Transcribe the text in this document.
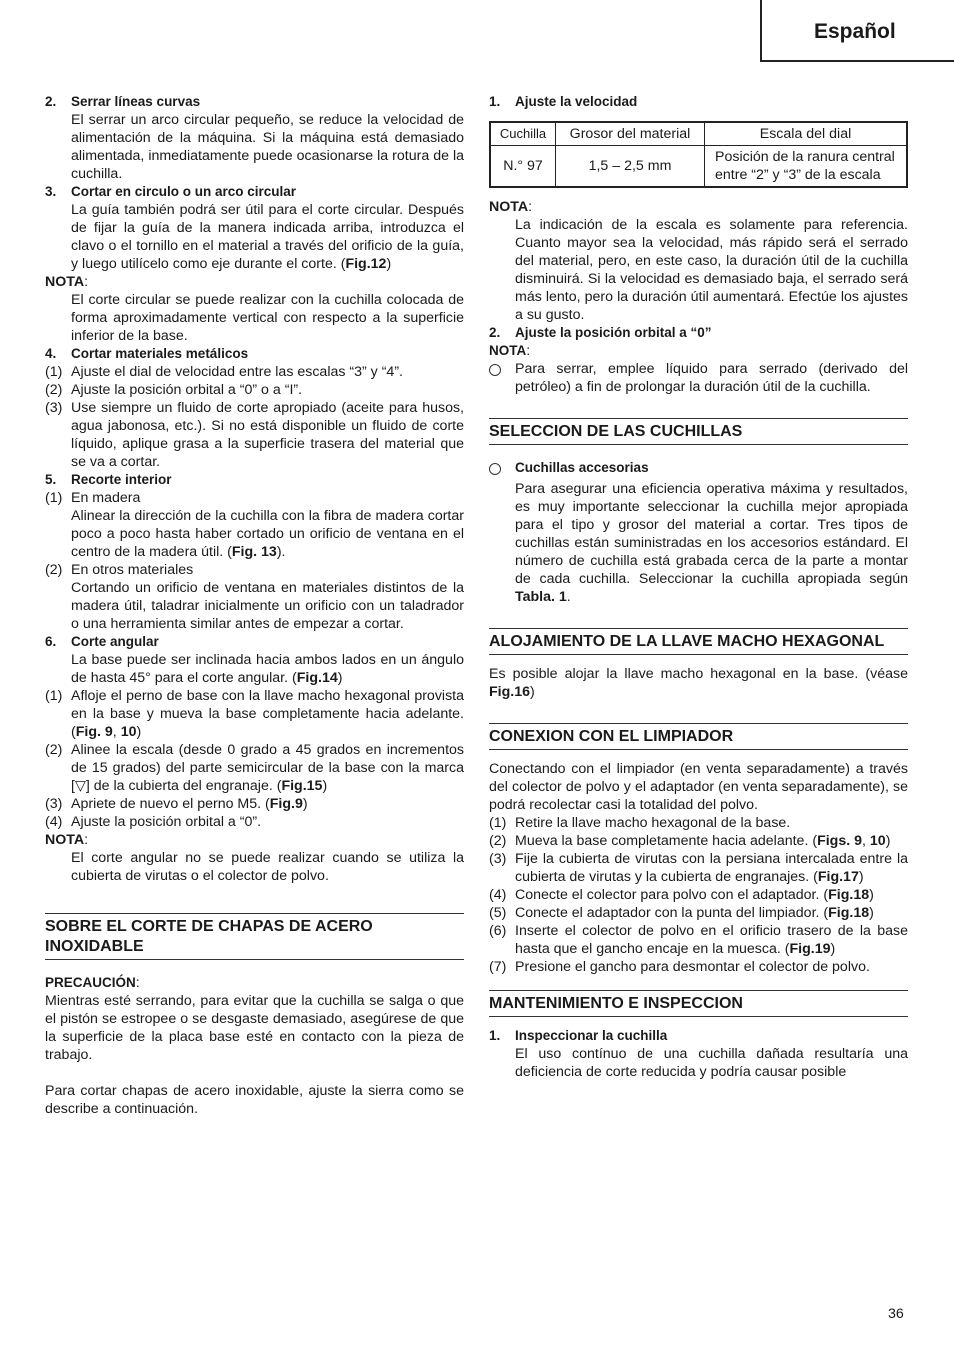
Español
2.	Serrar líneas curvas

El serrar un arco circular pequeño, se reduce la velocidad de alimentación de la máquina. Si la máquina está demasiado alimentada, inmediatamente puede ocasionarse la rotura de la cuchilla.

3.	Cortar en circulo o un arco circular

La guía también podrá ser útil para el corte circular. Después de fijar la guía de la manera indicada arriba, introduzca el clavo o el tornillo en el material a través del orificio de la guía, y luego utilícelo como eje durante el corte. (Fig.12)

NOTA:

El corte circular se puede realizar con la cuchilla colocada de forma aproximadamente vertical con respecto a la superficie inferior de la base.

4.	Cortar materiales metálicos
(1) Ajuste el dial de velocidad entre las escalas “3” y “4”.
(2) Ajuste la posición orbital a “0” o a “I”.
(3) Use siempre un fluido de corte apropiado (aceite para husos, agua jabonosa, etc.). Si no está disponible un fluido de corte líquido, aplique grasa a la superficie trasera del material que se va a cortar.
5.	Recorte interior
(1) En madera

Alinear la dirección de la cuchilla con la fibra de madera cortar poco a poco hasta haber cortado un orificio de ventana en el centro de la madera útil. (Fig. 13).

(2) En otros materiales

Cortando un orificio de ventana en materiales distintos de la madera útil, taladrar inicialmente un orificio con un taladrador o una herramienta similar antes de empezar a cortar.

6.	Corte angular

La base puede ser inclinada hacia ambos lados en un ángulo de hasta 45° para el corte angular. (Fig.14)

(1) Afloje el perno de base con la llave macho hexagonal provista en la base y mueva la base completamente hacia adelante. (Fig. 9, 10)
(2) Alinee la escala (desde 0 grado a 45 grados en incrementos de 15 grados) del parte semicircular de la base con la marca [▽] de la cubierta del engranaje. (Fig.15)
(3) Apriete de nuevo el perno M5. (Fig.9)
(4) Ajuste la posición orbital a “0”.

NOTA:

El corte angular no se puede realizar cuando se utiliza la cubierta de virutas o el colector de polvo.

SOBRE EL CORTE DE CHAPAS DE ACERO INOXIDABLE

PRECAUCIÓN:

Mientras esté serrando, para evitar que la cuchilla se salga o que el pistón se estropee o se desgaste demasiado, asegúrese de que la superficie de la placa base esté en contacto con la pieza de trabajo.

Para cortar chapas de acero inoxidable, ajuste la sierra como se describe a continuación.

1.	Ajuste la velocidad
Cuchilla	Grosor del material	Escala del dial
N.° 97	1,5 – 2,5 mm	Posición de la ranura central entre “2” y “3” de la escala

NOTA:

La indicación de la escala es solamente para referencia. Cuanto mayor sea la velocidad, más rápido será el serrado del material, pero, en este caso, la duración útil de la cuchilla disminuirá. Si la velocidad es demasiado baja, el serrado será más lento, pero la duración útil aumentará. Efectúe los ajustes a su gusto.

2.	Ajuste la posición orbital a “0”

NOTA:

Para serrar, emplee líquido para serrado (derivado del petróleo) a fin de prolongar la duración útil de la cuchilla.
SELECCION DE LAS CUCHILLAS
Cuchillas accesorias

Para asegurar una eficiencia operativa máxima y resultados, es muy importante seleccionar la cuchilla mejor apropiada para el tipo y grosor del material a cortar. Tres tipos de cuchillas están suministradas en los accesorios estándard. El número de cuchilla está grabada cerca de la parte a montar de cada cuchilla. Seleccionar la cuchilla apropiada según Tabla. 1.

ALOJAMIENTO DE LA LLAVE MACHO HEXAGONAL

Es posible alojar la llave macho hexagonal en la base. (véase Fig.16)

CONEXION CON EL LIMPIADOR

Conectando con el limpiador (en venta separadamente) a través del colector de polvo y el adaptador (en venta separadamente), se podrá recolectar casi la totalidad del polvo.

(1) Retire la llave macho hexagonal de la base.
(2) Mueva la base completamente hacia adelante. (Figs. 9, 10)
(3) Fije la cubierta de virutas con la persiana intercalada entre la cubierta de virutas y la cubierta de engranajes. (Fig.17)
(4) Conecte el colector para polvo con el adaptador. (Fig.18)
(5) Conecte el adaptador con la punta del limpiador. (Fig.18)
(6) Inserte el colector de polvo en el orificio trasero de la base hasta que el gancho encaje en la muesca. (Fig.19)
(7) Presione el gancho para desmontar el colector de polvo.
MANTENIMIENTO E INSPECCION
1.	Inspeccionar la cuchilla

El uso contínuo de una cuchilla dañada resultaría una deficiencia de corte reducida y podría causar posible

36
